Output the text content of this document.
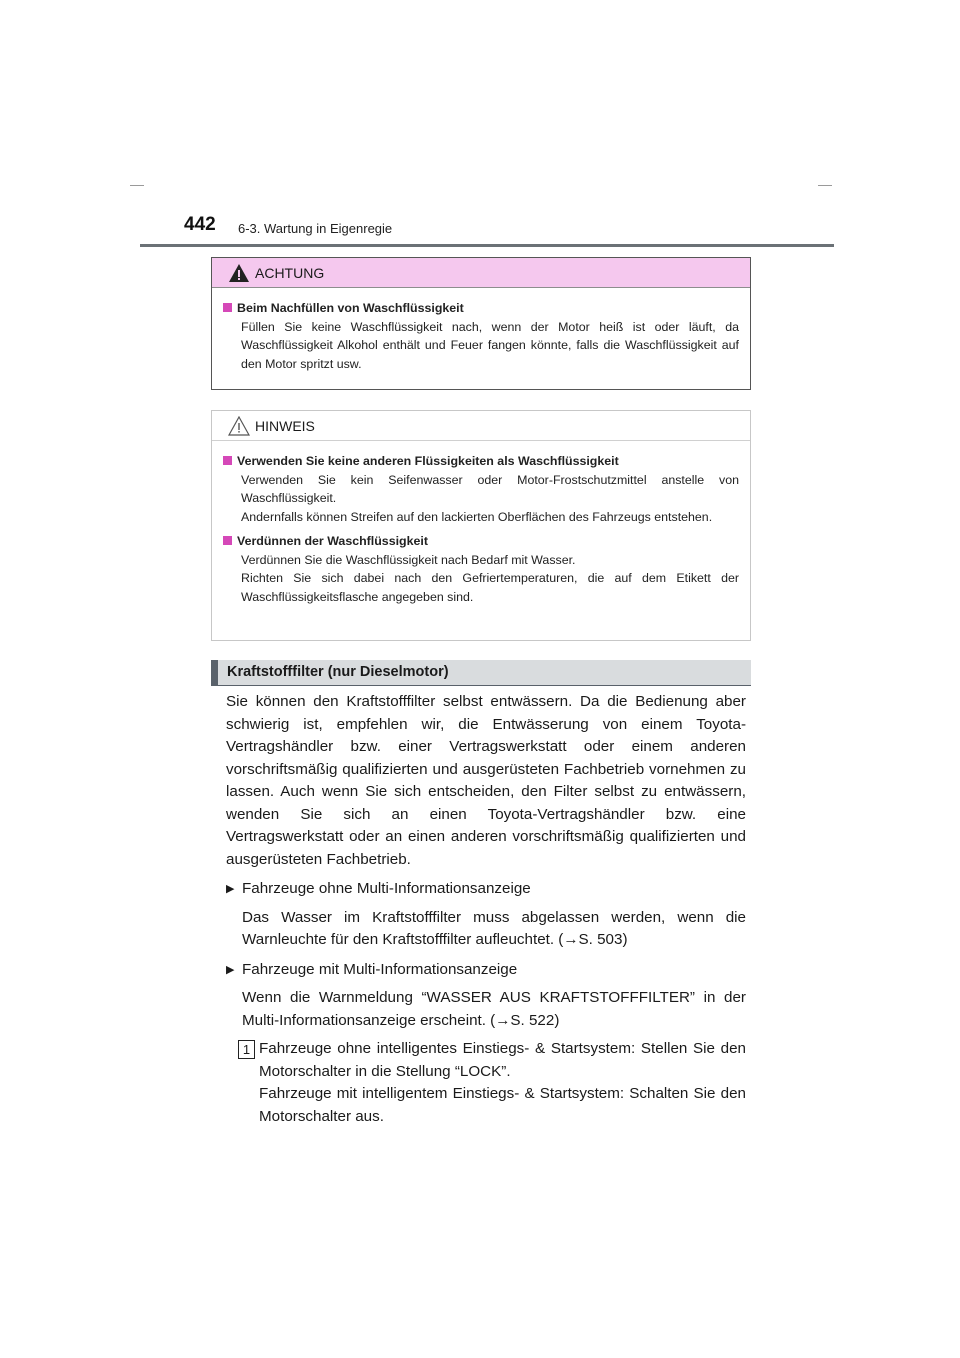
442 6-3. Wartung in Eigenregie
ACHTUNG
Beim Nachfüllen von Waschflüssigkeit
Füllen Sie keine Waschflüssigkeit nach, wenn der Motor heiß ist oder läuft, da Waschflüssigkeit Alkohol enthält und Feuer fangen könnte, falls die Waschflüssigkeit auf den Motor spritzt usw.
HINWEIS
Verwenden Sie keine anderen Flüssigkeiten als Waschflüssigkeit
Verwenden Sie kein Seifenwasser oder Motor-Frostschutzmittel anstelle von Waschflüssigkeit.
Andernfalls können Streifen auf den lackierten Oberflächen des Fahrzeugs entstehen.
Verdünnen der Waschflüssigkeit
Verdünnen Sie die Waschflüssigkeit nach Bedarf mit Wasser.
Richten Sie sich dabei nach den Gefriertemperaturen, die auf dem Etikett der Waschflüssigkeitsflasche angegeben sind.
Kraftstofffilter (nur Dieselmotor)

Sie können den Kraftstofffilter selbst entwässern. Da die Bedienung aber schwierig ist, empfehlen wir, die Entwässerung von einem Toyota-Vertragshändler bzw. einer Vertragswerkstatt oder einem anderen vorschriftsmäßig qualifizierten und ausgerüsteten Fachbetrieb vornehmen zu lassen. Auch wenn Sie sich entscheiden, den Filter selbst zu entwässern, wenden Sie sich an einen Toyota-Vertragshändler bzw. eine Vertragswerkstatt oder an einen anderen vorschriftsmäßig qualifizierten und ausgerüsteten Fachbetrieb.

▶ Fahrzeuge ohne Multi-Informationsanzeige
Das Wasser im Kraftstofffilter muss abgelassen werden, wenn die Warnleuchte für den Kraftstofffilter aufleuchtet. (→S. 503)
▶ Fahrzeuge mit Multi-Informationsanzeige
Wenn die Warnmeldung “WASSER AUS KRAFTSTOFFFILTER” in der Multi-Informationsanzeige erscheint. (→S. 522)
1 Fahrzeuge ohne intelligentes Einstiegs- & Startsystem: Stellen Sie den Motorschalter in die Stellung “LOCK”.
Fahrzeuge mit intelligentem Einstiegs- & Startsystem: Schalten Sie den Motorschalter aus.
